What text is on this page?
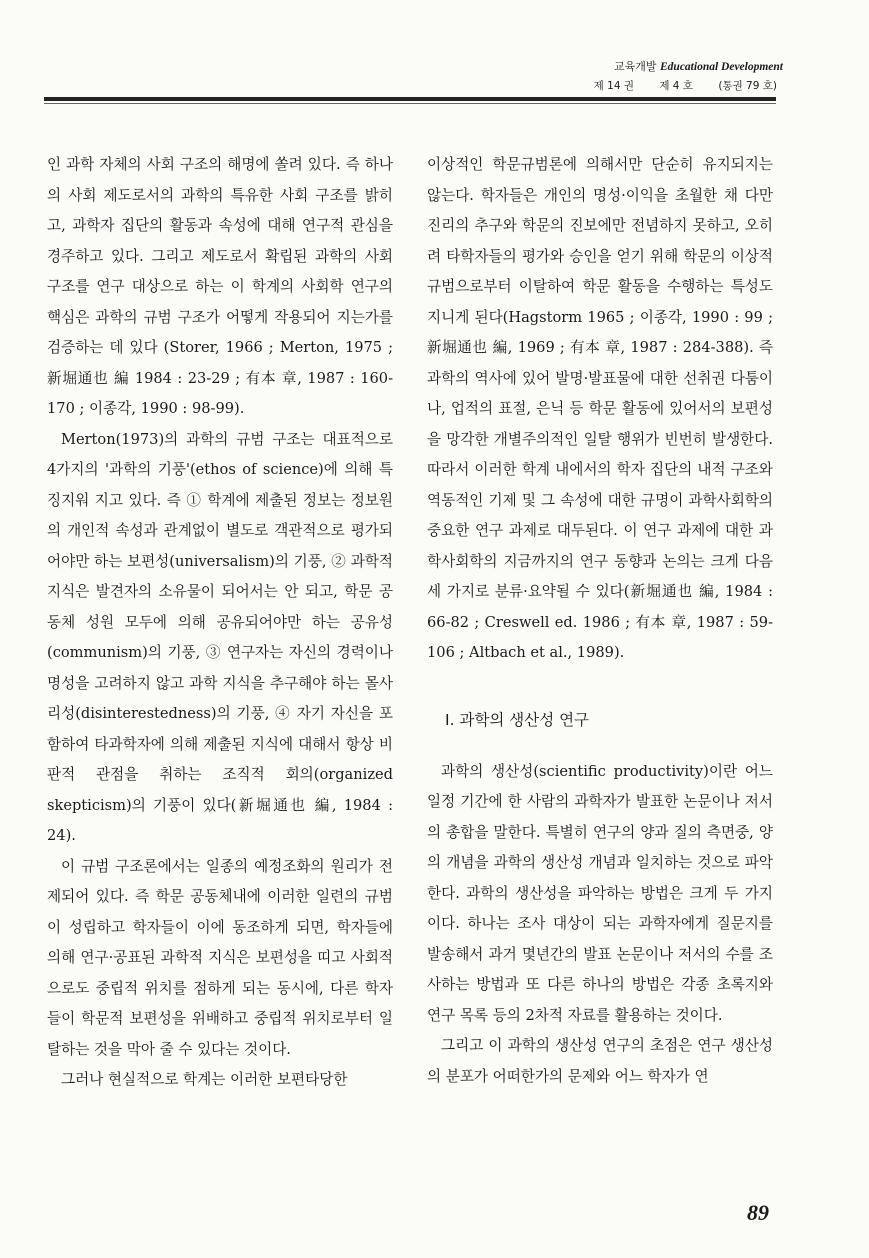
교육개발 Educational Development
제 14 권 제 4 호 (통권 79 호)

인 과학 자체의 사회 구조의 해명에 쏠려 있다. 즉 하나의 사회 제도로서의 과학의 특유한 사회 구조를 밝히고, 과학자 집단의 활동과 속성에 대해 연구적 관심을 경주하고 있다. 그리고 제도로서 확립된 과학의 사회 구조를 연구 대상으로 하는 이 학계의 사회학 연구의 핵심은 과학의 규범 구조가 어떻게 작용되어 지는가를 검증하는 데 있다 (Storer, 1966 ; Merton, 1975 ; 新堀通也 編 1984 : 23-29 ; 有本 章, 1987 : 160-170 ; 이종각, 1990 : 98-99).

Merton(1973)의 과학의 규범 구조는 대표적으로 4가지의 '과학의 기풍'(ethos of science)에 의해 특징지워 지고 있다. 즉 ① 학계에 제출된 정보는 정보원의 개인적 속성과 관계없이 별도로 객관적으로 평가되어야만 하는 보편성(universalism)의 기풍, ② 과학적 지식은 발견자의 소유물이 되어서는 안 되고, 학문 공동체 성원 모두에 의해 공유되어야만 하는 공유성(communism)의 기풍, ③ 연구자는 자신의 경력이나 명성을 고려하지 않고 과학 지식을 추구해야 하는 몰사리성(disinterestedness)의 기풍, ④ 자기 자신을 포함하여 타과학자에 의해 제출된 지식에 대해서 항상 비판적 관점을 취하는 조직적 회의(organized skepticism)의 기풍이 있다(新堀通也 編, 1984 : 24).

이 규범 구조론에서는 일종의 예정조화의 원리가 전제되어 있다. 즉 학문 공동체내에 이러한 일련의 규범이 성립하고 학자들이 이에 동조하게 되면, 학자들에 의해 연구·공표된 과학적 지식은 보편성을 띠고 사회적으로도 중립적 위치를 점하게 되는 동시에, 다른 학자들이 학문적 보편성을 위배하고 중립적 위치로부터 일탈하는 것을 막아 줄 수 있다는 것이다.

그러나 현실적으로 학계는 이러한 보편타당한

이상적인 학문규범론에 의해서만 단순히 유지되지는 않는다. 학자들은 개인의 명성·이익을 초월한 채 다만 진리의 추구와 학문의 진보에만 전념하지 못하고, 오히려 타학자들의 평가와 승인을 얻기 위해 학문의 이상적 규범으로부터 이탈하여 학문 활동을 수행하는 특성도 지니게 된다(Hagstorm 1965 ; 이종각, 1990 : 99 ; 新堀通也 編, 1969 ; 有本 章, 1987 : 284-388). 즉 과학의 역사에 있어 발명·발표물에 대한 선취권 다툼이나, 업적의 표절, 은닉 등 학문 활동에 있어서의 보편성을 망각한 개별주의적인 일탈 행위가 빈번히 발생한다. 따라서 이러한 학계 내에서의 학자 집단의 내적 구조와 역동적인 기제 및 그 속성에 대한 규명이 과학사회학의 중요한 연구 과제로 대두된다. 이 연구 과제에 대한 과학사회학의 지금까지의 연구 동향과 논의는 크게 다음 세 가지로 분류·요약될 수 있다(新堀通也 編, 1984 : 66-82 ; Creswell ed. 1986 ; 有本 章, 1987 : 59-106 ; Altbach et al., 1989).

Ⅰ. 과학의 생산성 연구

과학의 생산성(scientific productivity)이란 어느 일정 기간에 한 사람의 과학자가 발표한 논문이나 저서의 총합을 말한다. 특별히 연구의 양과 질의 측면중, 양의 개념을 과학의 생산성 개념과 일치하는 것으로 파악한다. 과학의 생산성을 파악하는 방법은 크게 두 가지이다. 하나는 조사 대상이 되는 과학자에게 질문지를 발송해서 과거 몇년간의 발표 논문이나 저서의 수를 조사하는 방법과 또 다른 하나의 방법은 각종 초록지와 연구 목록 등의 2차적 자료를 활용하는 것이다.

그리고 이 과학의 생산성 연구의 초점은 연구 생산성의 분포가 어떠한가의 문제와 어느 학자가 연

89
